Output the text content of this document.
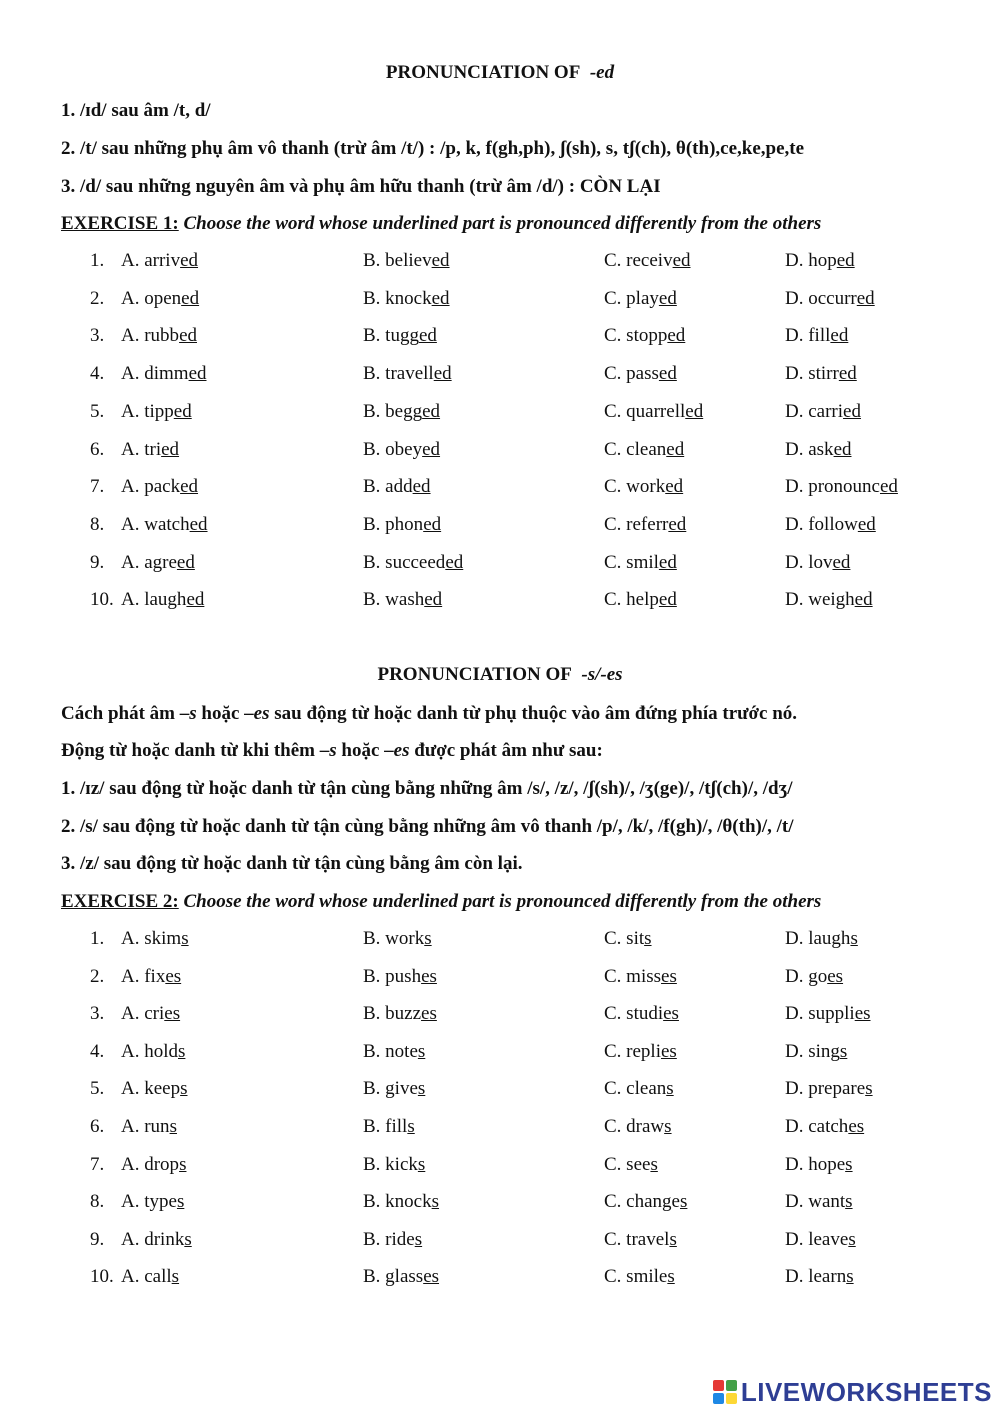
PRONUNCIATION OF -ed
1. /ɪd/ sau âm /t, d/
2. /t/ sau những phụ âm vô thanh (trừ âm /t/) : /p, k, f(gh,ph), ʃ(sh), s, tʃ(ch), θ(th),ce,ke,pe,te
3. /d/ sau những nguyên âm và phụ âm hữu thanh (trừ âm /d/) : CÒN LẠI
EXERCISE 1: Choose the word whose underlined part is pronounced differently from the others
1. A. arrived	B. believed	C. received	D. hoped
2. A. opened	B. knocked	C. played	D. occurred
3. A. rubbed	B. tugged	C. stopped	D. filled
4. A. dimmed	B. travelled	C. passed	D. stirred
5. A. tipped	B. begged	C. quarrelled	D. carried
6. A. tried	B. obeyed	C. cleaned	D. asked
7. A. packed	B. added	C. worked	D. pronounced
8. A. watched	B. phoned	C. referred	D. followed
9. A. agreed	B. succeeded	C. smiled	D. loved
10. A. laughed	B. washed	C. helped	D. weighed
PRONUNCIATION OF -s/-es
Cách phát âm –s hoặc –es sau động từ hoặc danh từ phụ thuộc vào âm đứng phía trước nó.
Động từ hoặc danh từ khi thêm –s hoặc –es được phát âm như sau:
1. /ɪz/ sau động từ hoặc danh từ tận cùng bằng những âm /s/, /z/, /ʃ(sh)/, /ʒ(ge)/, /tʃ(ch)/, /dʒ/
2. /s/ sau động từ hoặc danh từ tận cùng bằng những âm vô thanh /p/, /k/, /f(gh)/, /θ(th)/, /t/
3. /z/ sau động từ hoặc danh từ tận cùng bằng âm còn lại.
EXERCISE 2: Choose the word whose underlined part is pronounced differently from the others
1. A. skims	B. works	C. sits	D. laughs
2. A. fixes	B. pushes	C. misses	D. goes
3. A. cries	B. buzzes	C. studies	D. supplies
4. A. holds	B. notes	C. replies	D. sings
5. A. keeps	B. gives	C. cleans	D. prepares
6. A. runs	B. fills	C. draws	D. catches
7. A. drops	B. kicks	C. sees	D. hopes
8. A. types	B. knocks	C. changes	D. wants
9. A. drinks	B. rides	C. travels	D. leaves
10. A. calls	B. glasses	C. smiles	D. learns
LIVEWORKSHEETS
